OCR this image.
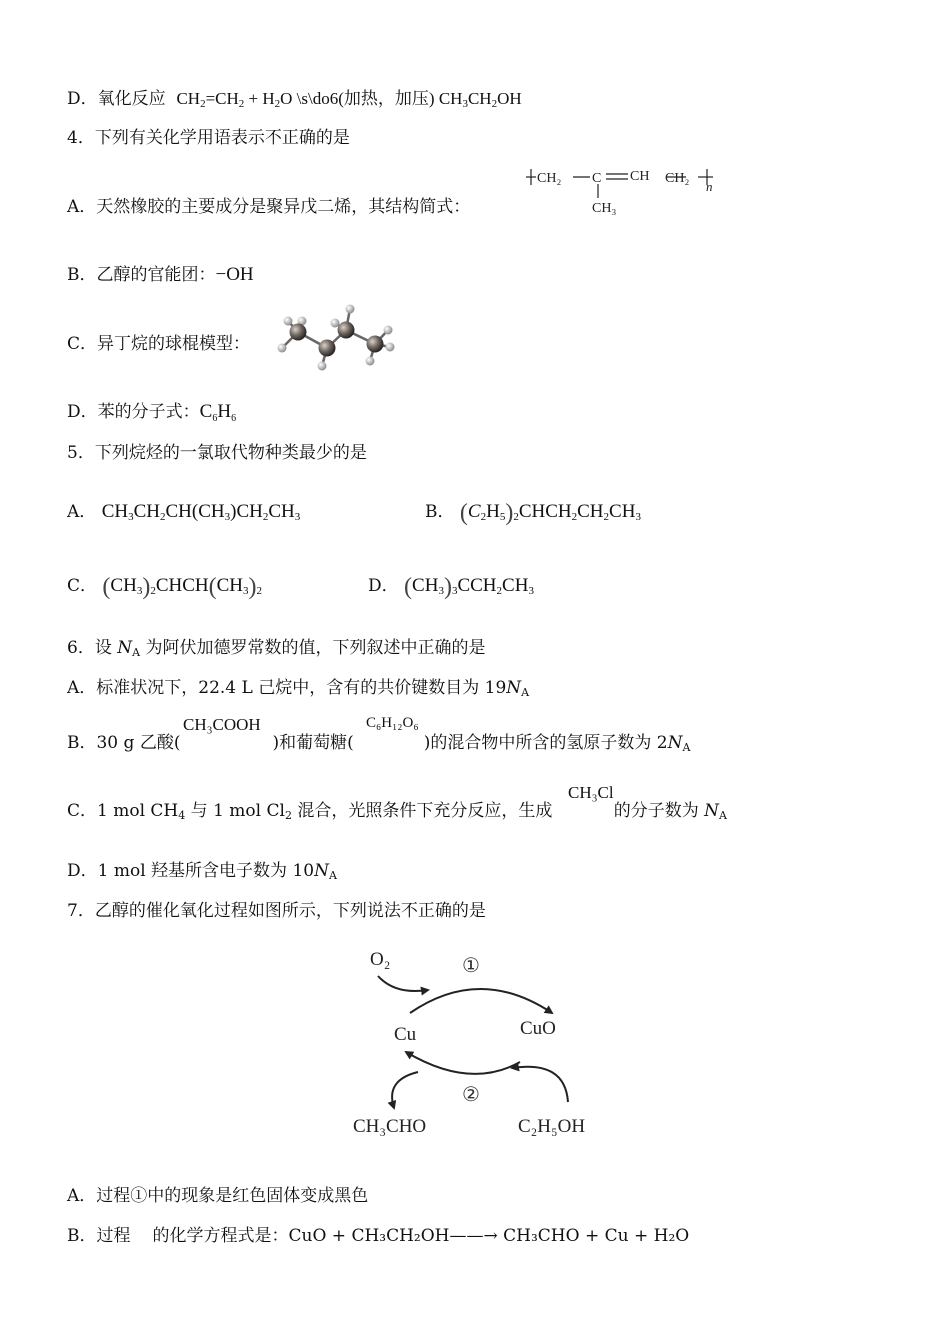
D．氧化反应 $CH_2=CH_2 + H_2O$ \s\do6(加热，加压) $CH_3CH_2OH$
4．下列有关化学用语表示不正确的是
A．天然橡胶的主要成分是聚异戊二烯，其结构简式：
CH₂ C CH CH₂
CH₃
n
B．乙醇的官能团：−OH
C．异丁烷的球棍模型：
D．苯的分子式：$C_6H_6$
5．下列烷烃的一氯取代物种类最少的是
A． $CH_3CH_2CH(CH_3)CH_2CH_3$	B． $(C_2H_5)_2CHCH_2CH_2CH_3$
C． $(CH_3)_2CHCH(CH_3)_2$	D． $(CH_3)_3CCH_2CH_3$
6．设 $N_A$ 为阿伏加德罗常数的值，下列叙述中正确的是
A．标准状况下，22.4 L 己烷中，含有的共价键数目为 $19N_A$
CH₃COOH	C₆H₁₂O₆
B．30 g 乙酸(	)和葡萄糖(	)的混合物中所含的氢原子数为 $2N_A$
CH₃Cl
C．1 mol $CH_4$ 与 1 mol $Cl_2$ 混合，光照条件下充分反应，生成	的分子数为 $N_A$
D．1 mol 羟基所含电子数为 $10N_A$
7．乙醇的催化氧化过程如图所示，下列说法不正确的是
O₂	①
Cu	CuO
②
CH₃CHO	C₂H₅OH
A．过程①中的现象是红色固体变成黑色
B．过程 的化学方程式是：CuO + CH₃CH₂OH——→ CH₃CHO + Cu + H₂O
